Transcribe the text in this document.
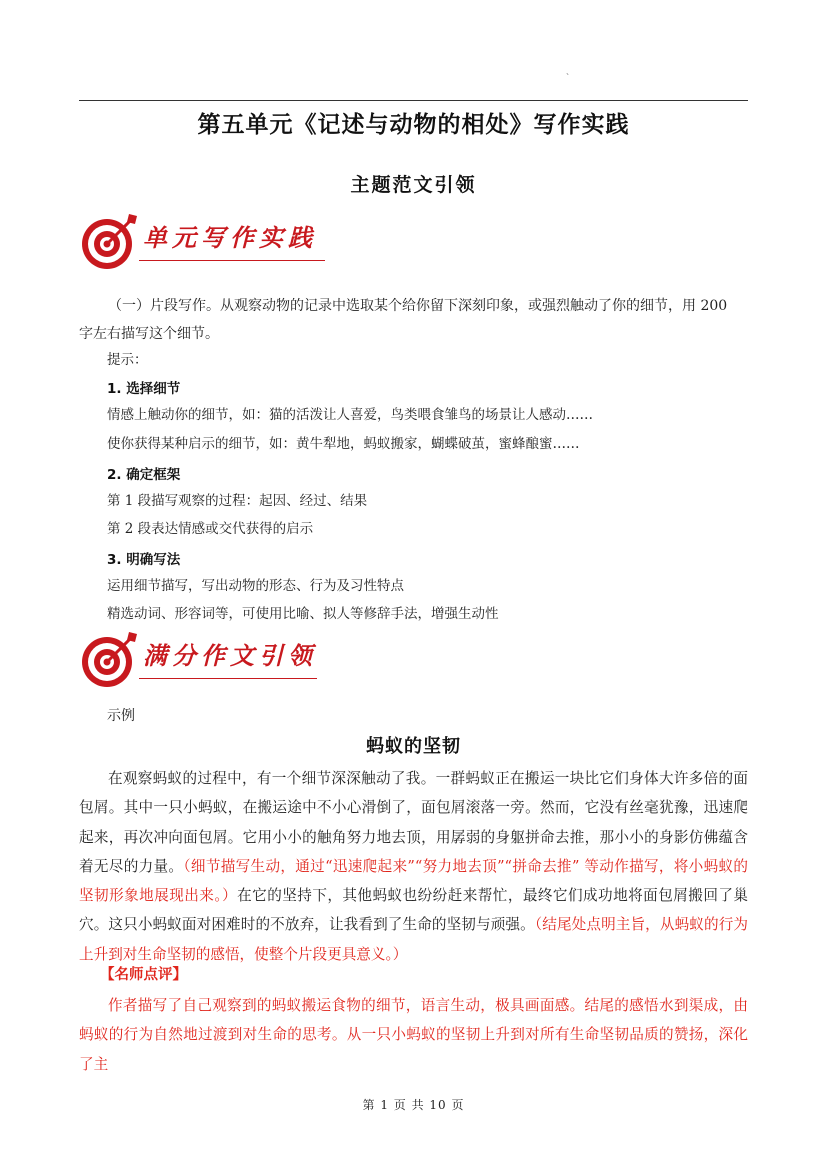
、
第五单元《记述与动物的相处》写作实践
主题范文引领
单元写作实践
（一）片段写作。从观察动物的记录中选取某个给你留下深刻印象，或强烈触动了你的细节，用 200
字左右描写这个细节。
提示：
1. 选择细节
情感上触动你的细节，如：猫的活泼让人喜爱，鸟类喂食雏鸟的场景让人感动……
使你获得某种启示的细节，如：黄牛犁地，蚂蚁搬家，蝴蝶破茧，蜜蜂酿蜜……
2. 确定框架
第 1 段描写观察的过程：起因、经过、结果
第 2 段表达情感或交代获得的启示
3. 明确写法
运用细节描写，写出动物的形态、行为及习性特点
精选动词、形容词等，可使用比喻、拟人等修辞手法，增强生动性
满分作文引领
示例
蚂蚁的坚韧
在观察蚂蚁的过程中，有一个细节深深触动了我。一群蚂蚁正在搬运一块比它们身体大许多倍的面包屑。其中一只小蚂蚁，在搬运途中不小心滑倒了，面包屑滚落一旁。然而，它没有丝毫犹豫，迅速爬起来，再次冲向面包屑。它用小小的触角努力地去顶，用孱弱的身躯拼命去推，那小小的身影仿佛蕴含着无尽的力量。（细节描写生动，通过“迅速爬起来”“努力地去顶”“拼命去推” 等动作描写，将小蚂蚁的坚韧形象地展现出来。）在它的坚持下，其他蚂蚁也纷纷赶来帮忙，最终它们成功地将面包屑搬回了巢穴。这只小蚂蚁面对困难时的不放弃，让我看到了生命的坚韧与顽强。（结尾处点明主旨，从蚂蚁的行为上升到对生命坚韧的感悟，使整个片段更具意义。）
【名师点评】
作者描写了自己观察到的蚂蚁搬运食物的细节，语言生动，极具画面感。结尾的感悟水到渠成，由蚂蚁的行为自然地过渡到对生命的思考。从一只小蚂蚁的坚韧上升到对所有生命坚韧品质的赞扬，深化了主
第 1 页 共 10 页
